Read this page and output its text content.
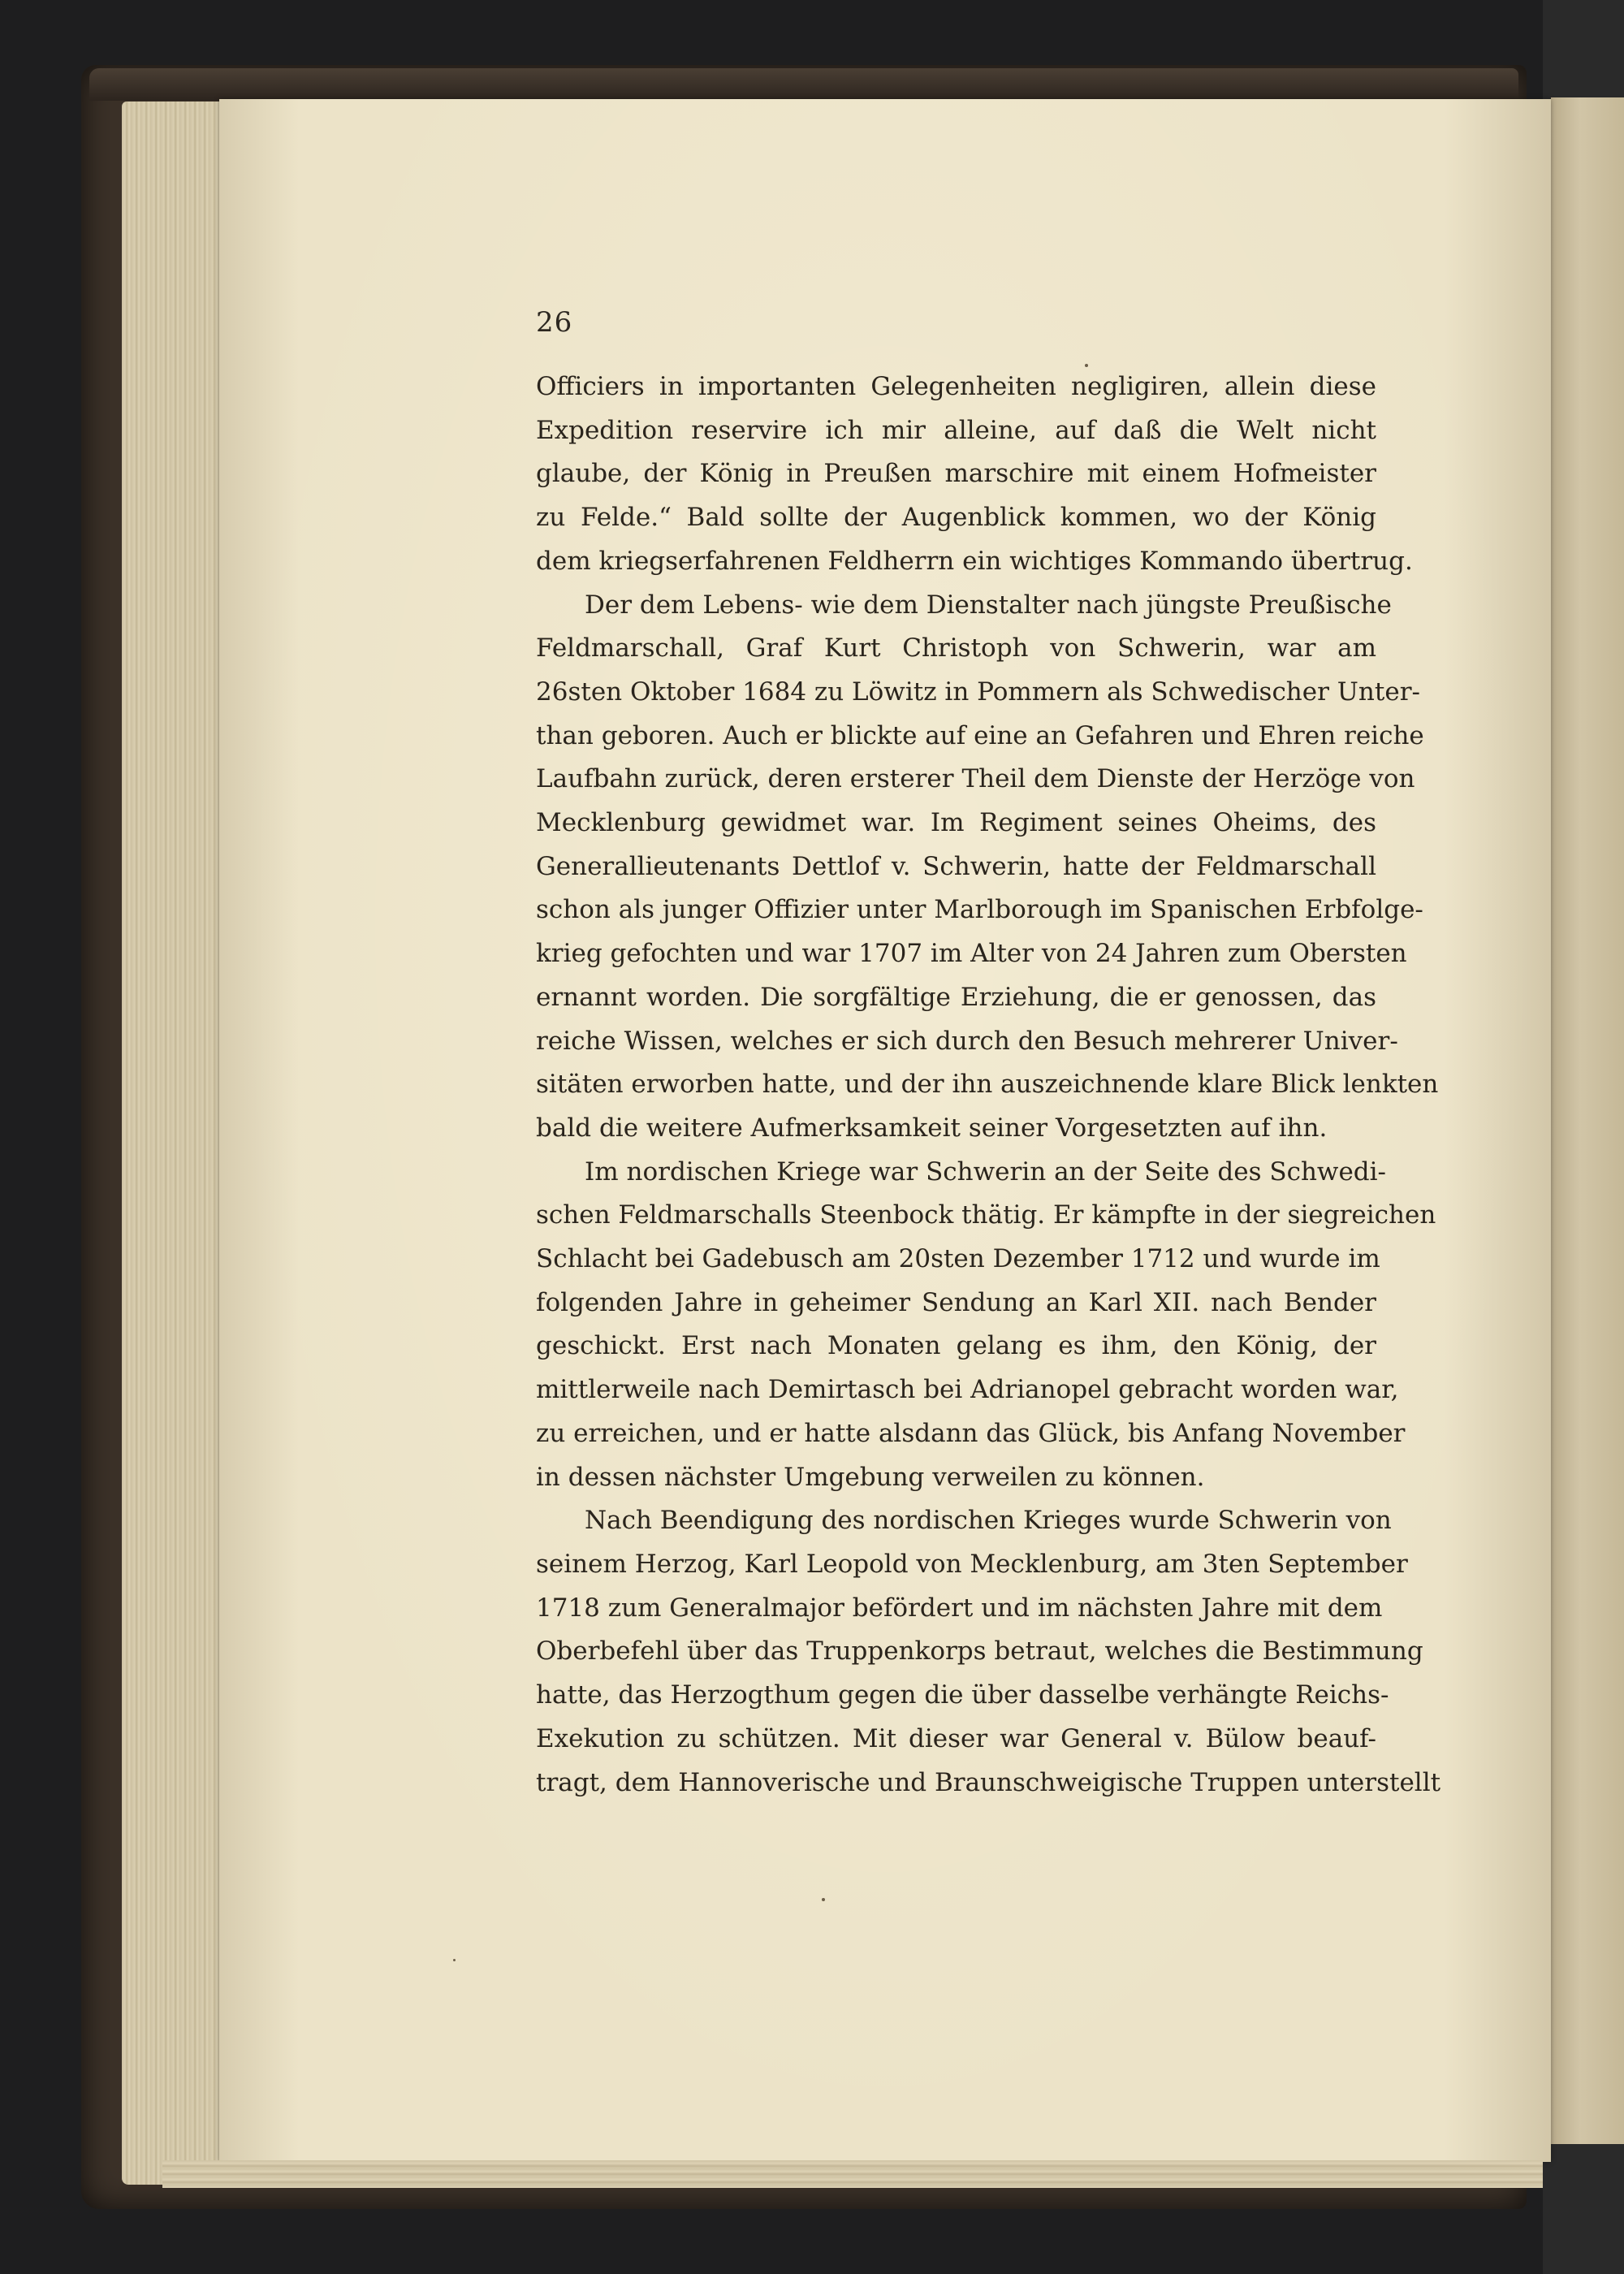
26

Officiers in importanten Gelegenheiten negligiren, allein diese
Expedition reservire ich mir alleine, auf daß die Welt nicht
glaube, der König in Preußen marschire mit einem Hofmeister
zu Felde.“ Bald sollte der Augenblick kommen, wo der König
dem kriegserfahrenen Feldherrn ein wichtiges Kommando übertrug.

Der dem Lebens- wie dem Dienstalter nach jüngste Preußische
Feldmarschall, Graf Kurt Christoph von Schwerin, war am
26sten Oktober 1684 zu Löwitz in Pommern als Schwedischer Unter-
than geboren. Auch er blickte auf eine an Gefahren und Ehren reiche
Laufbahn zurück, deren ersterer Theil dem Dienste der Herzöge von
Mecklenburg gewidmet war. Im Regiment seines Oheims, des
Generallieutenants Dettlof v. Schwerin, hatte der Feldmarschall
schon als junger Offizier unter Marlborough im Spanischen Erbfolge-
krieg gefochten und war 1707 im Alter von 24 Jahren zum Obersten
ernannt worden. Die sorgfältige Erziehung, die er genossen, das
reiche Wissen, welches er sich durch den Besuch mehrerer Univer-
sitäten erworben hatte, und der ihn auszeichnende klare Blick lenkten
bald die weitere Aufmerksamkeit seiner Vorgesetzten auf ihn.

Im nordischen Kriege war Schwerin an der Seite des Schwedi-
schen Feldmarschalls Steenbock thätig. Er kämpfte in der siegreichen
Schlacht bei Gadebusch am 20sten Dezember 1712 und wurde im
folgenden Jahre in geheimer Sendung an Karl XII. nach Bender
geschickt. Erst nach Monaten gelang es ihm, den König, der
mittlerweile nach Demirtasch bei Adrianopel gebracht worden war,
zu erreichen, und er hatte alsdann das Glück, bis Anfang November
in dessen nächster Umgebung verweilen zu können.

Nach Beendigung des nordischen Krieges wurde Schwerin von
seinem Herzog, Karl Leopold von Mecklenburg, am 3ten September
1718 zum Generalmajor befördert und im nächsten Jahre mit dem
Oberbefehl über das Truppenkorps betraut, welches die Bestimmung
hatte, das Herzogthum gegen die über dasselbe verhängte Reichs-
Exekution zu schützen. Mit dieser war General v. Bülow beauf-
tragt, dem Hannoverische und Braunschweigische Truppen unterstellt
